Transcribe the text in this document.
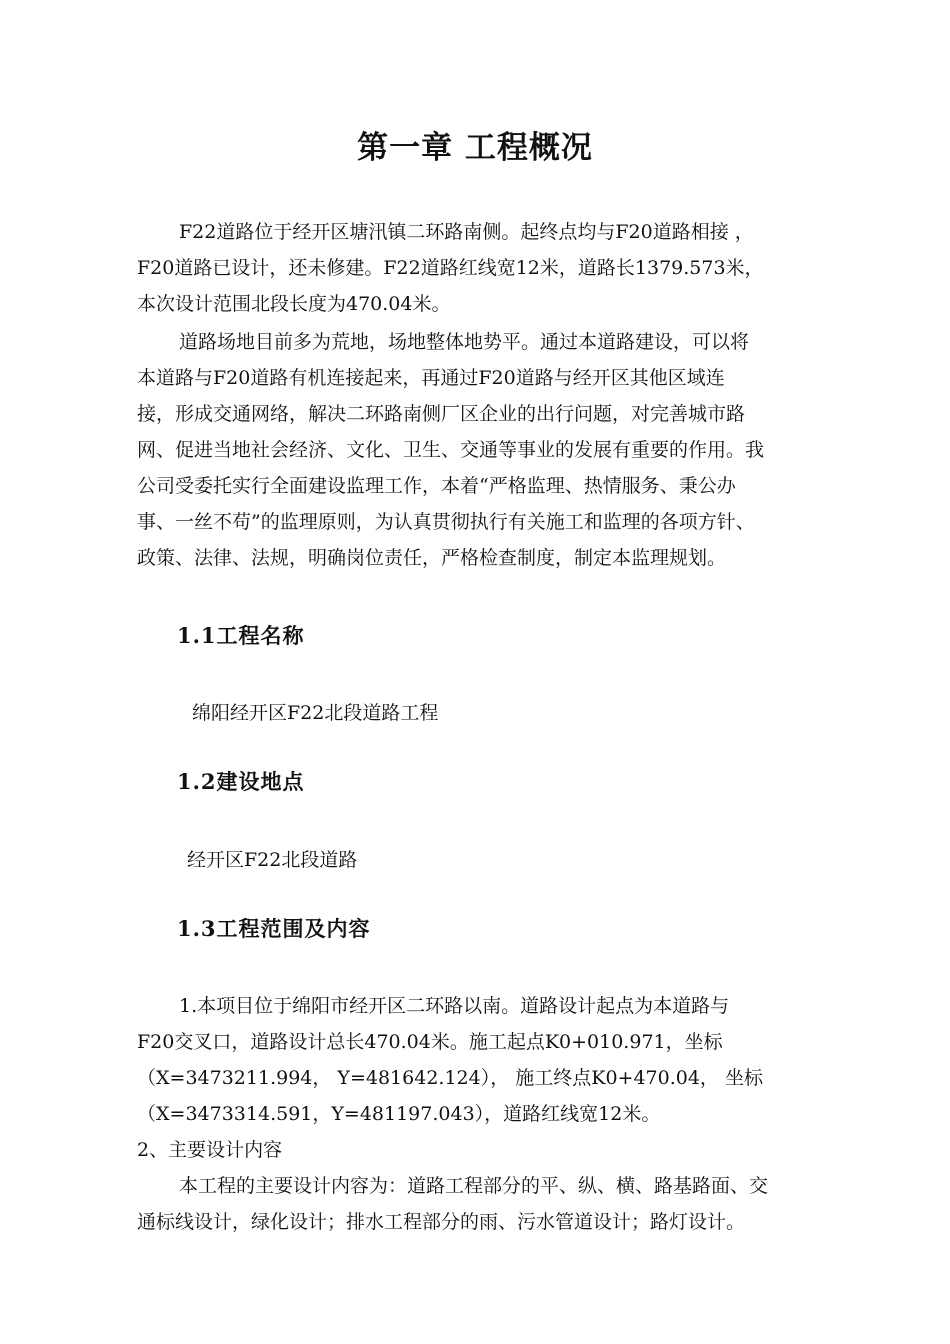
第一章 工程概况
F22道路位于经开区塘汛镇二环路南侧。起终点均与F20道路相接 ，
F20道路已设计，还未修建。F22道路红线宽12米，道路长1379.573米，
本次设计范围北段长度为470.04米。
道路场地目前多为荒地，场地整体地势平。通过本道路建设，可以将
本道路与F20道路有机连接起来，再通过F20道路与经开区其他区域连
接，形成交通网络，解决二环路南侧厂区企业的出行问题，对完善城市路
网、促进当地社会经济、文化、卫生、交通等事业的发展有重要的作用。我
公司受委托实行全面建设监理工作，本着“严格监理、热情服务、秉公办
事、一丝不苟”的监理原则，为认真贯彻执行有关施工和监理的各项方针、
政策、法律、法规，明确岗位责任，严格检查制度，制定本监理规划。
1.1工程名称

绵阳经开区F22北段道路工程

1.2建设地点

经开区F22北段道路

1.3工程范围及内容
1.本项目位于绵阳市经开区二环路以南。道路设计起点为本道路与
F20交叉口，道路设计总长470.04米。施工起点K0+010.971，坐标
（X=3473211.994， Y=481642.124）， 施工终点K0+470.04， 坐标
（X=3473314.591，Y=481197.043），道路红线宽12米。
2、主要设计内容
本工程的主要设计内容为：道路工程部分的平、纵、横、路基路面、交
通标线设计，绿化设计；排水工程部分的雨、污水管道设计；路灯设计。
